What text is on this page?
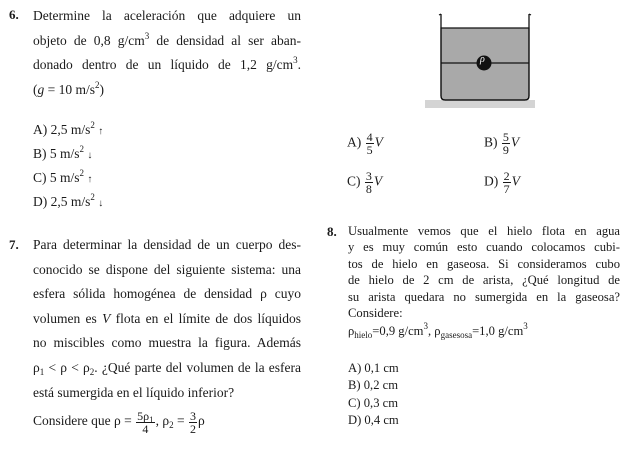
6. Determine la aceleración que adquiere un
objeto de 0,8 $g/cm^3$ de densidad al ser aban-
donado dentro de un líquido de 1,2 $g/cm^3$.
(g = 10 $m/s^2$)
A) 2,5 $m/s^2$ ↑
B) 5 $m/s^2$ ↓
C) 5 $m/s^2$ ↑
D) 2,5 $m/s^2$ ↓
ρ
$A) \frac{4}{5}$ V	$B) \frac{5}{9}$ V
$C) \frac{3}{8}$ V	$D) \frac{2}{7}$ V
7. Para determinar la densidad de un cuerpo des-
conocido se dispone del siguiente sistema: una
esfera sólida homogénea de densidad ρ cuyo
volumen es V flota en el límite de dos líquidos
no miscibles como muestra la figura. Además
$\rho_1 < \rho < \rho_2$. ¿Qué parte del volumen de la esfera
está sumergida en el líquido inferior?
Considere que $\rho = \frac{5\rho_1}{4}$ , $\rho_2 = \frac{3}{2}$ ρ
8. Usualmente vemos que el hielo flota en agua
y es muy común esto cuando colocamos cubi-
tos de hielo en gaseosa. Si consideramos cubo
de hielo de 2 cm de arista, ¿Qué longitud de
su arista quedara no sumergida en la gaseosa?
Considere:
$\rho_{hielo}=0,9$ $g/cm^3$, $\rho_{gasesosa}=1,0$ $g/cm^3$
A) 0,1 cm
B) 0,2 cm
C) 0,3 cm
D) 0,4 cm
